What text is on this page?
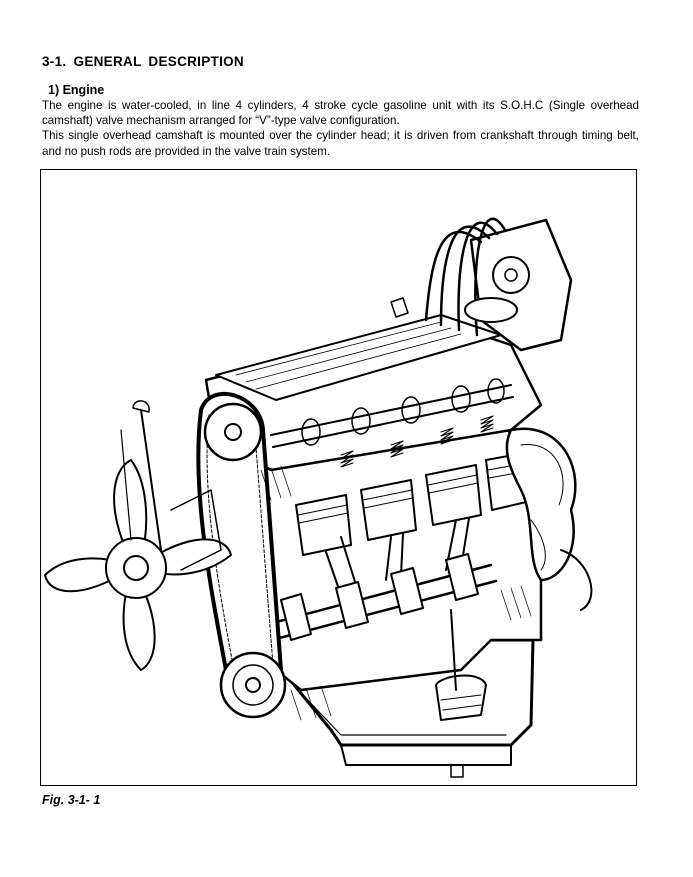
3-1. GENERAL DESCRIPTION
1) Engine

The engine is water-cooled, in line 4 cylinders, 4 stroke cycle gasoline unit with its S.O.H.C (Single overhead camshaft) valve mechanism arranged for “V”-type valve configuration.

This single overhead camshaft is mounted over the cylinder head; it is driven from crankshaft through timing belt, and no push rods are provided in the valve train system.

Fig. 3-1- 1
